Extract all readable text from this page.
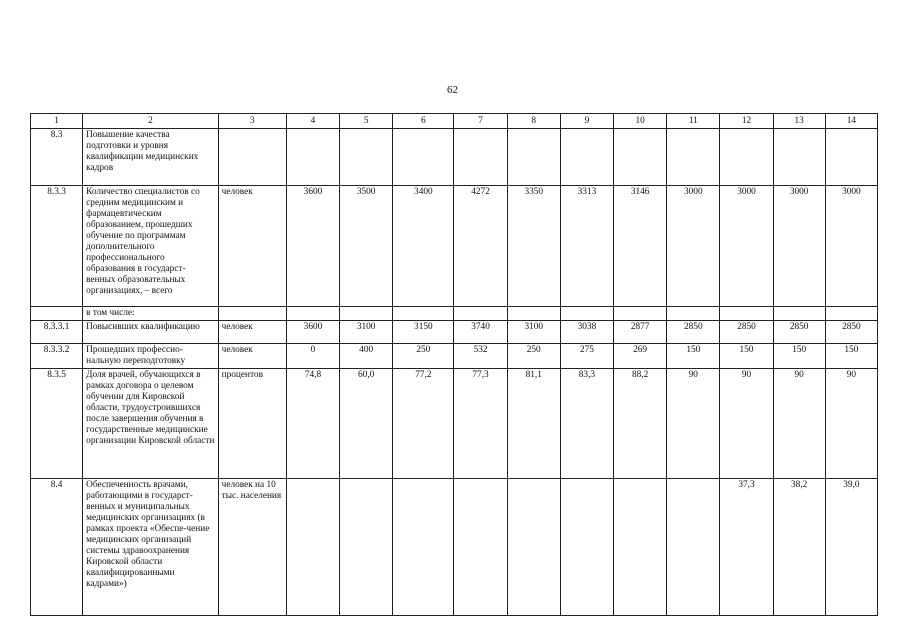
62
1	2	3	4	5	6	7	8	9	10	11	12	13	14
8.3	Повышение качества подготовки и уровня квалификации медицинских кадров												
8.3.3	Количество специалистов со средним медицинским и фармацевтическим образованием, прошедших обучение по программам дополнительного профессионального образования в государст-венных образовательных организациях, – всего	человек	3600	3500	3400	4272	3350	3313	3146	3000	3000	3000	3000
	в том числе:												
8.3.3.1	Повысивших квалификацию	человек	3600	3100	3150	3740	3100	3038	2877	2850	2850	2850	2850
8.3.3.2	Прошедших профессио-нальную переподготовку	человек	0	400	250	532	250	275	269	150	150	150	150
8.3.5	Доля врачей, обучающихся в рамках договора о целевом обучении для Кировской области, трудоустроившихся после завершения обучения в государственные медицинские организации Кировской области	процентов	74,8	60,0	77,2	77,3	81,1	83,3	88,2	90	90	90	90
8.4	Обеспеченность врачами, работающими в государст-венных и муниципальных медицинских организациях (в рамках проекта «Обеспе-чение медицинских организаций системы здравоохранения Кировской области квалифицированными кадрами»)	человек на 10 тыс. населения									37,3	38,2	39,0
